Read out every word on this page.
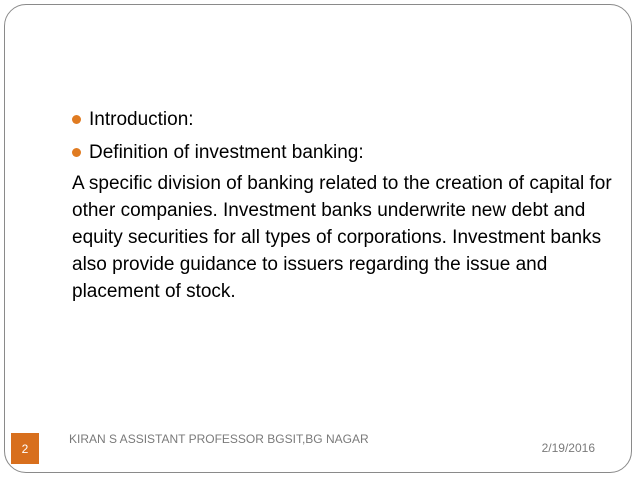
Introduction:
Definition of investment banking:
A specific division of banking related to the creation of capital for other companies. Investment banks underwrite new debt and equity securities for all types of corporations. Investment banks also provide guidance to issuers regarding the issue and placement of stock.
2
KIRAN S ASSISTANT PROFESSOR BGSIT,BG NAGAR
2/19/2016
